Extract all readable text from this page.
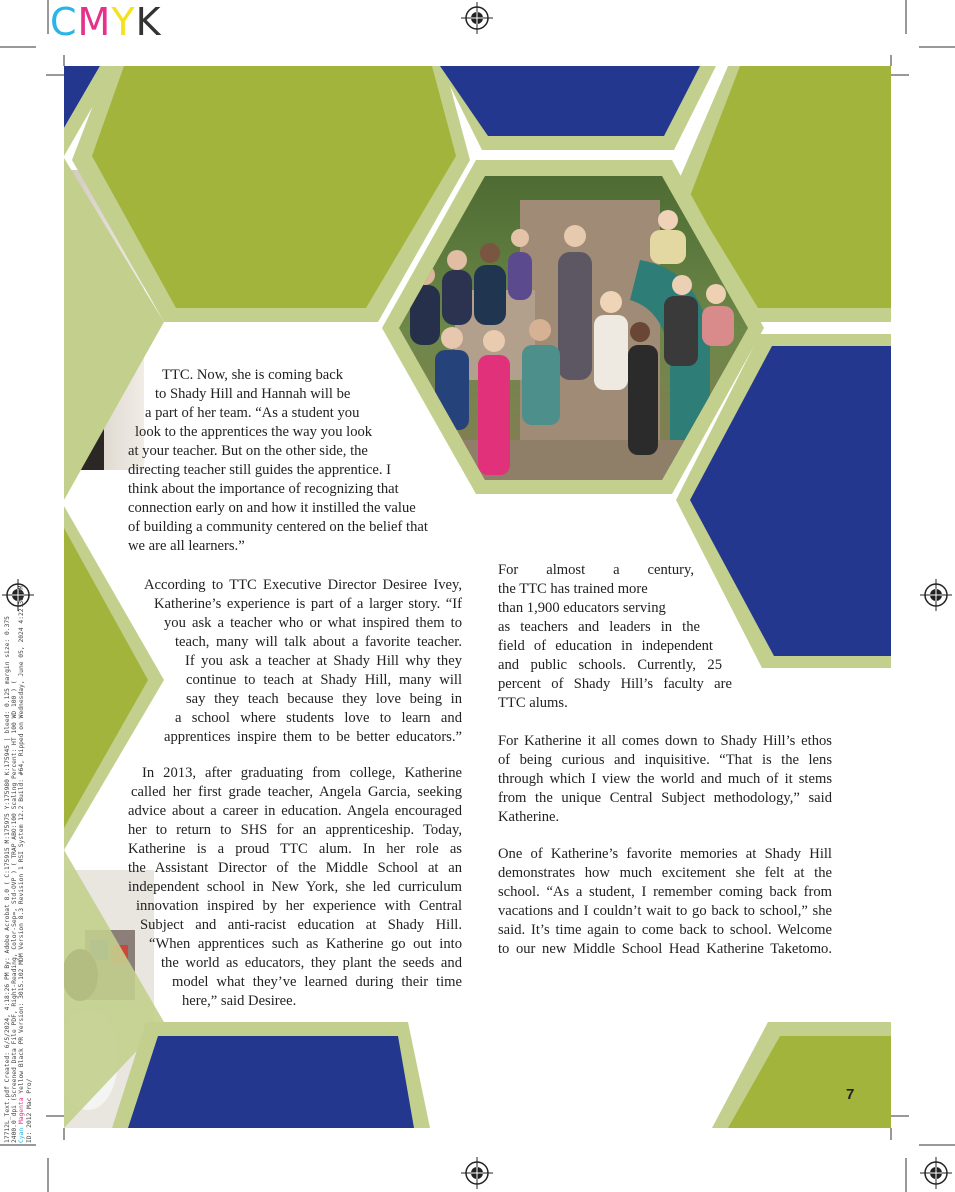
CMYK
17712L_Text.pdf Created: 6/5/2024, 4:18:26 PM By: Adobe Acrobat 8.0 ( C:175915 M:175975 Y:175980 K:175945 | bleed: 0.125 margin size: 0.375 2400.0 dpi (Screened Data File PDF, Right-Reading, Color-Sep=, Std-OVP ) ( TRAP ABO:100 Scaling Percent: HT 100 WD 100 ) ( Cyan Magenta Yellow Black PR Version: 3015.102 MDM Version 8.3 Revision 1 RSI System 12.2 Build: #64, Ripped on Wednesday, June 05, 2024 4:22:30 PM
ID: 2012 Mac Pro/
TTC. Now, she is coming back
to Shady Hill and Hannah will be
a part of her team. “As a student you
look to the apprentices the way you look
at your teacher. But on the other side, the
directing teacher still guides the apprentice. I
think about the importance of recognizing that
connection early on and how it instilled the value
of building a community centered on the belief that
we are all learners.”
According to TTC Executive Director Desiree Ivey,
Katherine’s experience is part of a larger story. “If
you ask a teacher who or what inspired them to
teach, many will talk about a favorite teacher.
If you ask a teacher at Shady Hill why they
continue to teach at Shady Hill, many will
say they teach because they love being in
a school where students love to learn and
apprentices inspire them to be better educators.”
In 2013, after graduating from college, Katherine
called her first grade teacher, Angela Garcia, seeking
advice about a career in education. Angela encouraged
her to return to SHS for an apprenticeship. Today,
Katherine is a proud TTC alum. In her role as
the Assistant Director of the Middle School at an
independent school in New York, she led curriculum
innovation inspired by her experience with Central
Subject and anti-racist education at Shady Hill.
“When apprentices such as Katherine go out into
the world as educators, they plant the seeds and
model what they’ve learned during their time
here,” said Desiree.
For almost a century,
the TTC has trained more
than 1,900 educators serving
as teachers and leaders in the
field of education in independent
and public schools. Currently, 25
percent of Shady Hill’s faculty are
TTC alums.
For Katherine it all comes down to Shady Hill’s ethos
of being curious and inquisitive. “That is the lens
through which I view the world and much of it stems
from the unique Central Subject methodology,” said
Katherine.
One of Katherine’s favorite memories at Shady Hill
demonstrates how much excitement she felt at the
school. “As a student, I remember coming back from
vacations and I couldn’t wait to go back to school,” she
said. It’s time again to come back to school. Welcome
to our new Middle School Head Katherine Taketomo.
7
